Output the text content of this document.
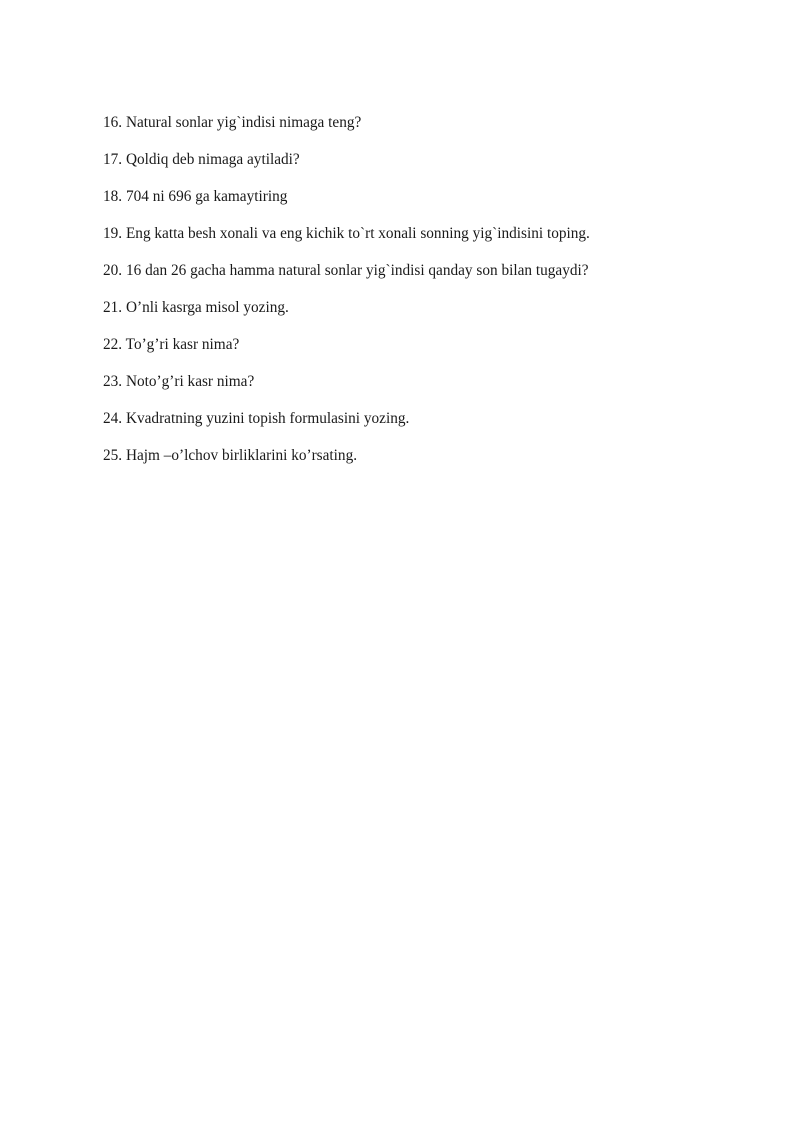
16. Natural sonlar yig`indisi nimaga teng?
17. Qoldiq deb nimaga aytiladi?
18. 704 ni 696 ga kamaytiring
19. Eng katta besh xonali va eng kichik to`rt xonali sonning yig`indisini toping.
20. 16 dan 26 gacha hamma natural sonlar yig`indisi qanday son bilan tugaydi?
21. O’nli kasrga misol yozing.
22. To’g’ri kasr nima?
23. Noto’g’ri kasr nima?
24. Kvadratning yuzini topish formulasini yozing.
25. Hajm –o’lchov birliklarini ko’rsating.
